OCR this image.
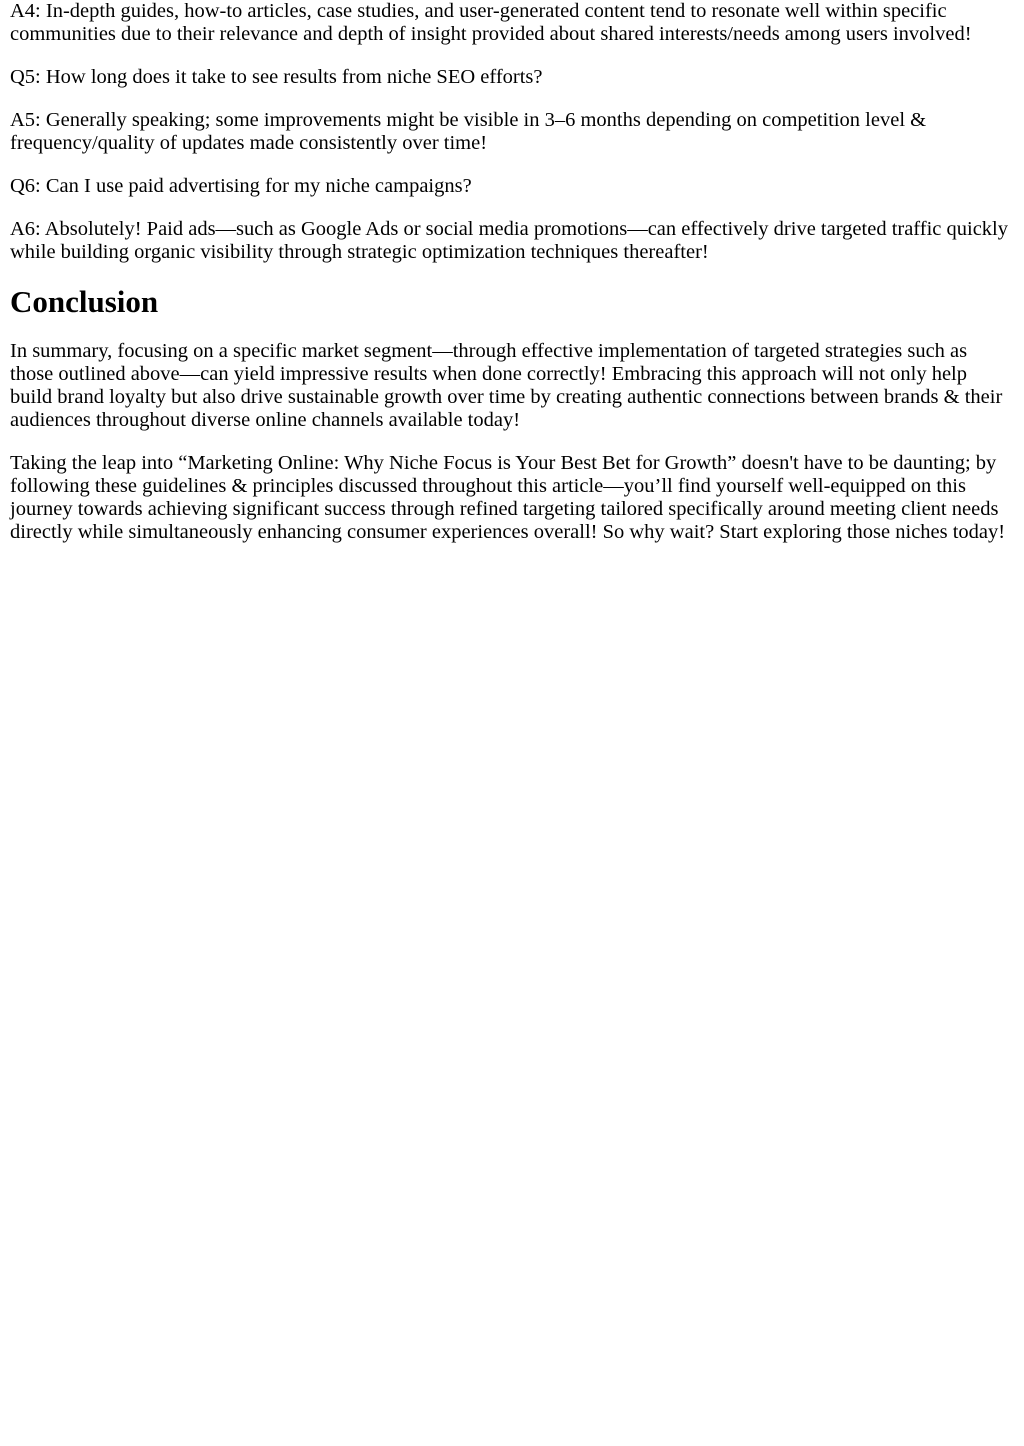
A4: In-depth guides, how-to articles, case studies, and user-generated content tend to resonate well within specific communities due to their relevance and depth of insight provided about shared interests/needs among users involved!

Q5: How long does it take to see results from niche SEO efforts?

A5: Generally speaking; some improvements might be visible in 3–6 months depending on competition level & frequency/quality of updates made consistently over time!

Q6: Can I use paid advertising for my niche campaigns?

A6: Absolutely! Paid ads—such as Google Ads or social media promotions—can effectively drive targeted traffic quickly while building organic visibility through strategic optimization techniques thereafter!

Conclusion

In summary, focusing on a specific market segment—through effective implementation of targeted strategies such as those outlined above—can yield impressive results when done correctly! Embracing this approach will not only help build brand loyalty but also drive sustainable growth over time by creating authentic connections between brands & their audiences throughout diverse online channels available today!

Taking the leap into “Marketing Online: Why Niche Focus is Your Best Bet for Growth” doesn't have to be daunting; by following these guidelines & principles discussed throughout this article—you’ll find yourself well-equipped on this journey towards achieving significant success through refined targeting tailored specifically around meeting client needs directly while simultaneously enhancing consumer experiences overall! So why wait? Start exploring those niches today!
